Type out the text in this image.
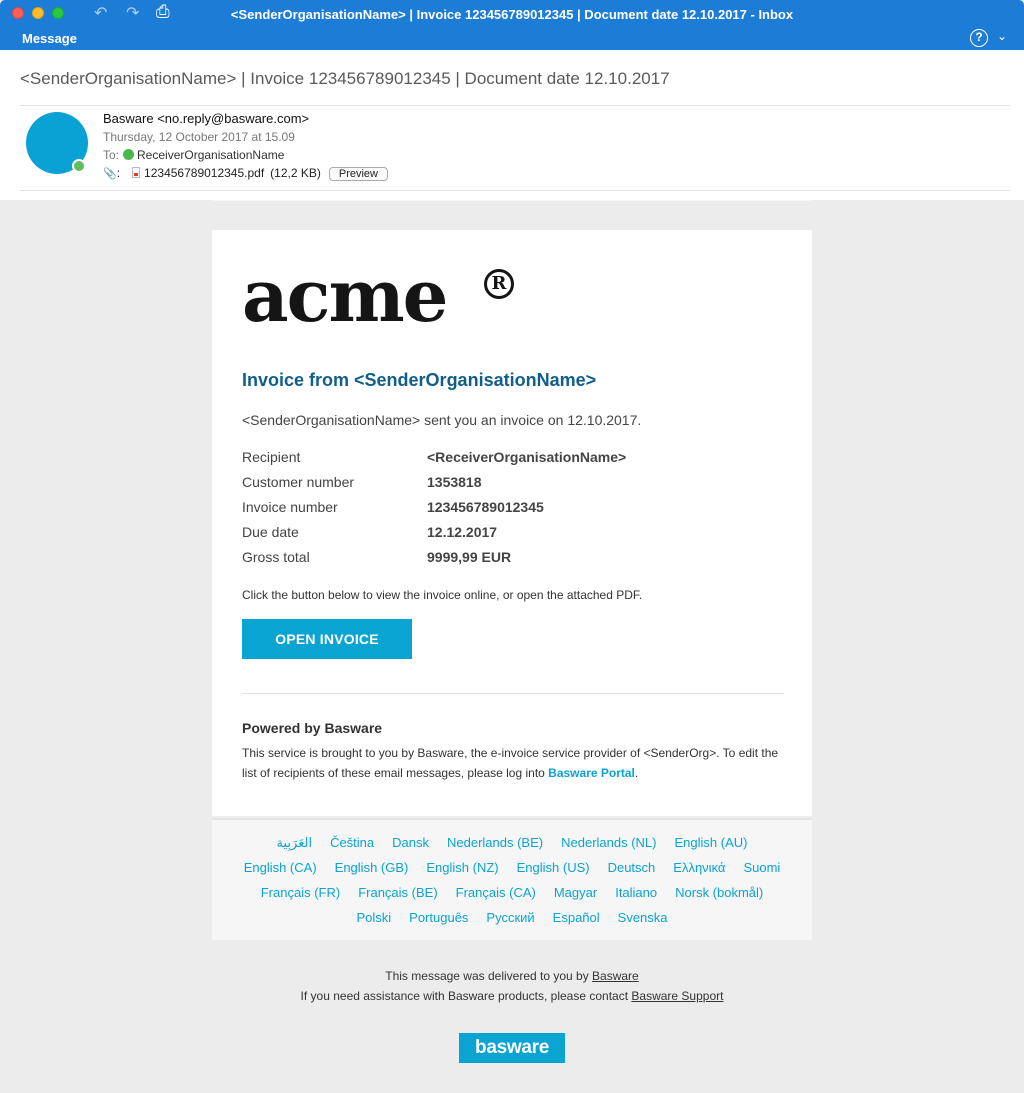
↶ ↷ ⎙	<SenderOrganisationName> | Invoice 123456789012345 | Document date 12.10.2017 - Inbox
Message	?	⌄
<SenderOrganisationName> | Invoice 123456789012345 | Document date 12.10.2017
Basware <no.reply@basware.com>
Thursday, 12 October 2017 at 15.09
To: ReceiverOrganisationName
📎: 123456789012345.pdf (12,2 KB) Preview
acme	R
Invoice from <SenderOrganisationName>
<SenderOrganisationName> sent you an invoice on 12.10.2017.
Recipient	<ReceiverOrganisationName>
Customer number	1353818
Invoice number	123456789012345
Due date	12.12.2017
Gross total	9999,99 EUR
Click the button below to view the invoice online, or open the attached PDF.
OPEN INVOICE
Powered by Basware
This service is brought to you by Basware, the e-invoice service provider of <SenderOrg>. To edit the list of recipients of these email messages, please log into Basware Portal.
العَرَبِية Čeština Dansk Nederlands (BE) Nederlands (NL) English (AU)
English (CA) English (GB) English (NZ) English (US) Deutsch Ελληνικά Suomi
Français (FR) Français (BE) Français (CA) Magyar Italiano Norsk (bokmål)
Polski Português Русский Español Svenska
This message was delivered to you by Basware
If you need assistance with Basware products, please contact Basware Support
basware
